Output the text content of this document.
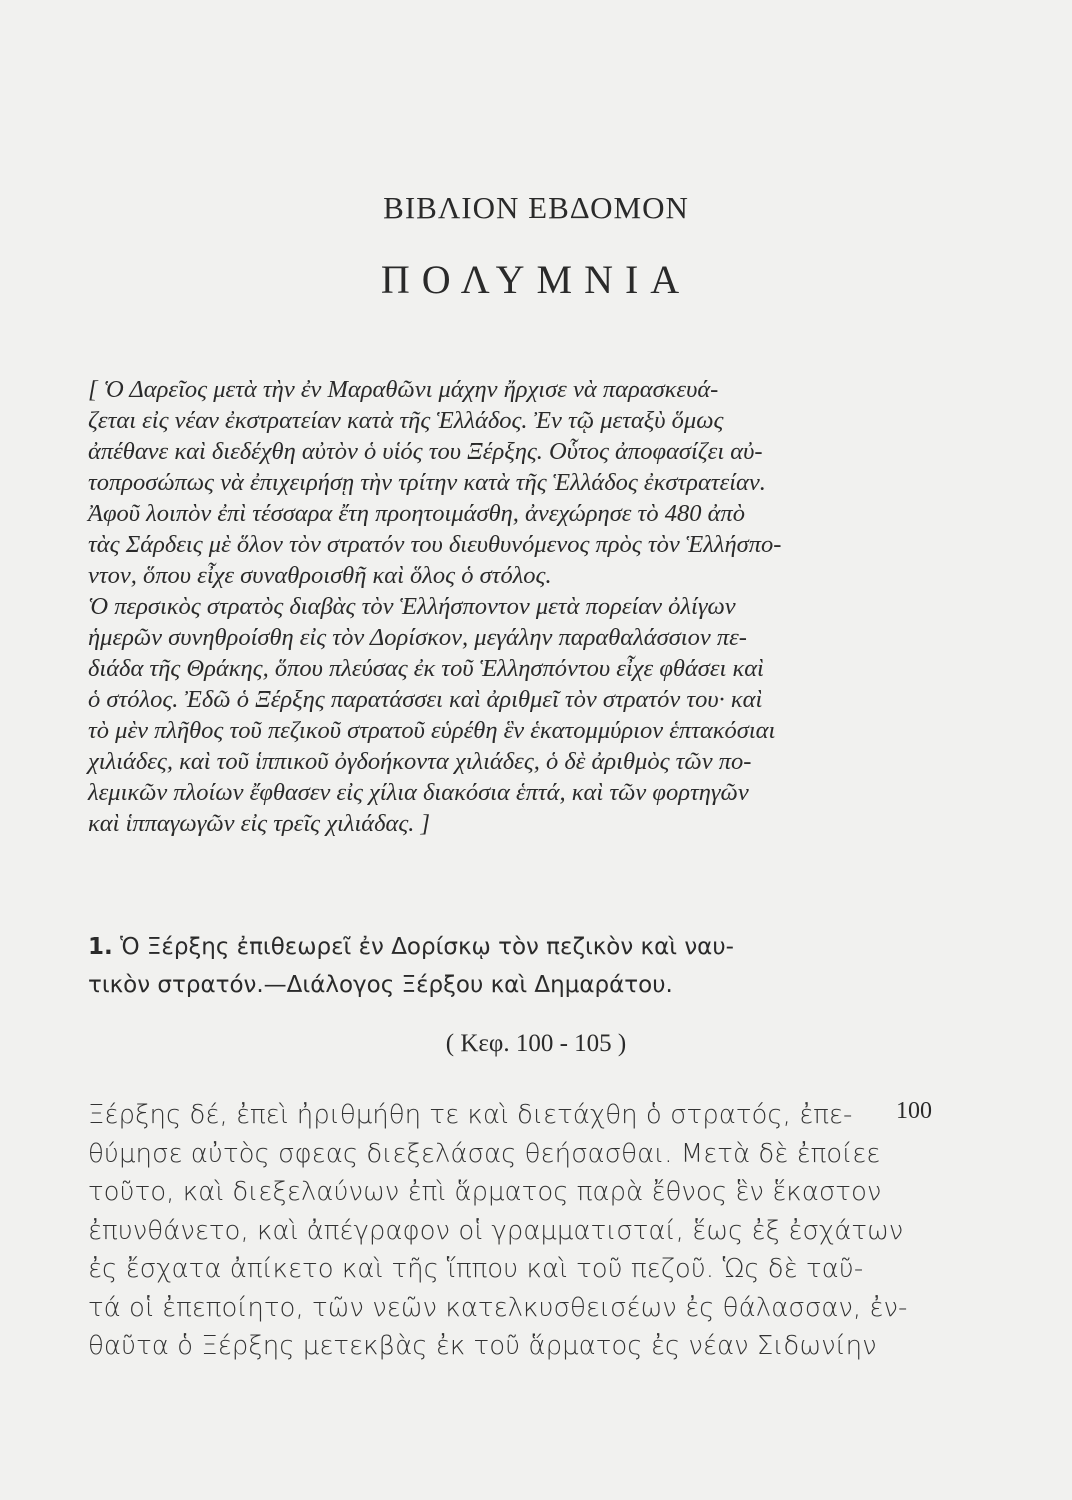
ΒΙΒΛΙΟΝ ΕΒΔΟΜΟΝ
ΠΟΛΥΜΝΙΑ
[ Ὁ Δαρεῖος μετὰ τὴν ἐν Μαραθῶνι μάχην ἤρχισε νὰ παρασκευά-
ζεται εἰς νέαν ἐκστρατείαν κατὰ τῆς Ἑλλάδος. Ἐν τῷ μεταξὺ ὅμως
ἀπέθανε καὶ διεδέχθη αὐτὸν ὁ υἱός του Ξέρξης. Οὗτος ἀποφασίζει αὐ-
τοπροσώπως νὰ ἐπιχειρήσῃ τὴν τρίτην κατὰ τῆς Ἑλλάδος ἐκστρατείαν.
Ἀφοῦ λοιπὸν ἐπὶ τέσσαρα ἔτη προητοιμάσθη, ἀνεχώρησε τὸ 480 ἀπὸ
τὰς Σάρδεις μὲ ὅλον τὸν στρατόν του διευθυνόμενος πρὸς τὸν Ἑλλήσπο-
ντον, ὅπου εἶχε συναθροισθῆ καὶ ὅλος ὁ στόλος.
Ὁ περσικὸς στρατὸς διαβὰς τὸν Ἑλλήσποντον μετὰ πορείαν ὀλίγων
ἡμερῶν συνηθροίσθη εἰς τὸν Δορίσκον, μεγάλην παραθαλάσσιον πε-
διάδα τῆς Θράκης, ὅπου πλεύσας ἐκ τοῦ Ἑλλησπόντου εἶχε φθάσει καὶ
ὁ στόλος. Ἐδῶ ὁ Ξέρξης παρατάσσει καὶ ἀριθμεῖ τὸν στρατόν του· καὶ
τὸ μὲν πλῆθος τοῦ πεζικοῦ στρατοῦ εὑρέθη ἓν ἑκατομμύριον ἑπτακόσιαι
χιλιάδες, καὶ τοῦ ἱππικοῦ ὀγδοήκοντα χιλιάδες, ὁ δὲ ἀριθμὸς τῶν πο-
λεμικῶν πλοίων ἔφθασεν εἰς χίλια διακόσια ἑπτά, καὶ τῶν φορτηγῶν
καὶ ἱππαγωγῶν εἰς τρεῖς χιλιάδας. ]
1. Ὁ Ξέρξης ἐπιθεωρεῖ ἐν Δορίσκῳ τὸν πεζικὸν καὶ ναυ-
τικὸν στρατόν.—Διάλογος Ξέρξου καὶ Δημαράτου.
( Κεφ. 100 - 105 )
Ξέρξης δέ, ἐπεὶ ἠριθμήθη τε καὶ διετάχθη ὁ στρατός, ἐπε-
θύμησε αὐτὸς σφεας διεξελάσας θεήσασθαι. Μετὰ δὲ ἐποίεε
τοῦτο, καὶ διεξελαύνων ἐπὶ ἅρματος παρὰ ἔθνος ἓν ἕκαστον
ἐπυνθάνετο, καὶ ἀπέγραφον οἱ γραμματισταί, ἕως ἐξ ἐσχάτων
ἐς ἔσχατα ἀπίκετο καὶ τῆς ἵππου καὶ τοῦ πεζοῦ. Ὡς δὲ ταῦ-
τά οἱ ἐπεποίητο, τῶν νεῶν κατελκυσθεισέων ἐς θάλασσαν, ἐν-
θαῦτα ὁ Ξέρξης μετεκβὰς ἐκ τοῦ ἅρματος ἐς νέαν Σιδωνίην
100
